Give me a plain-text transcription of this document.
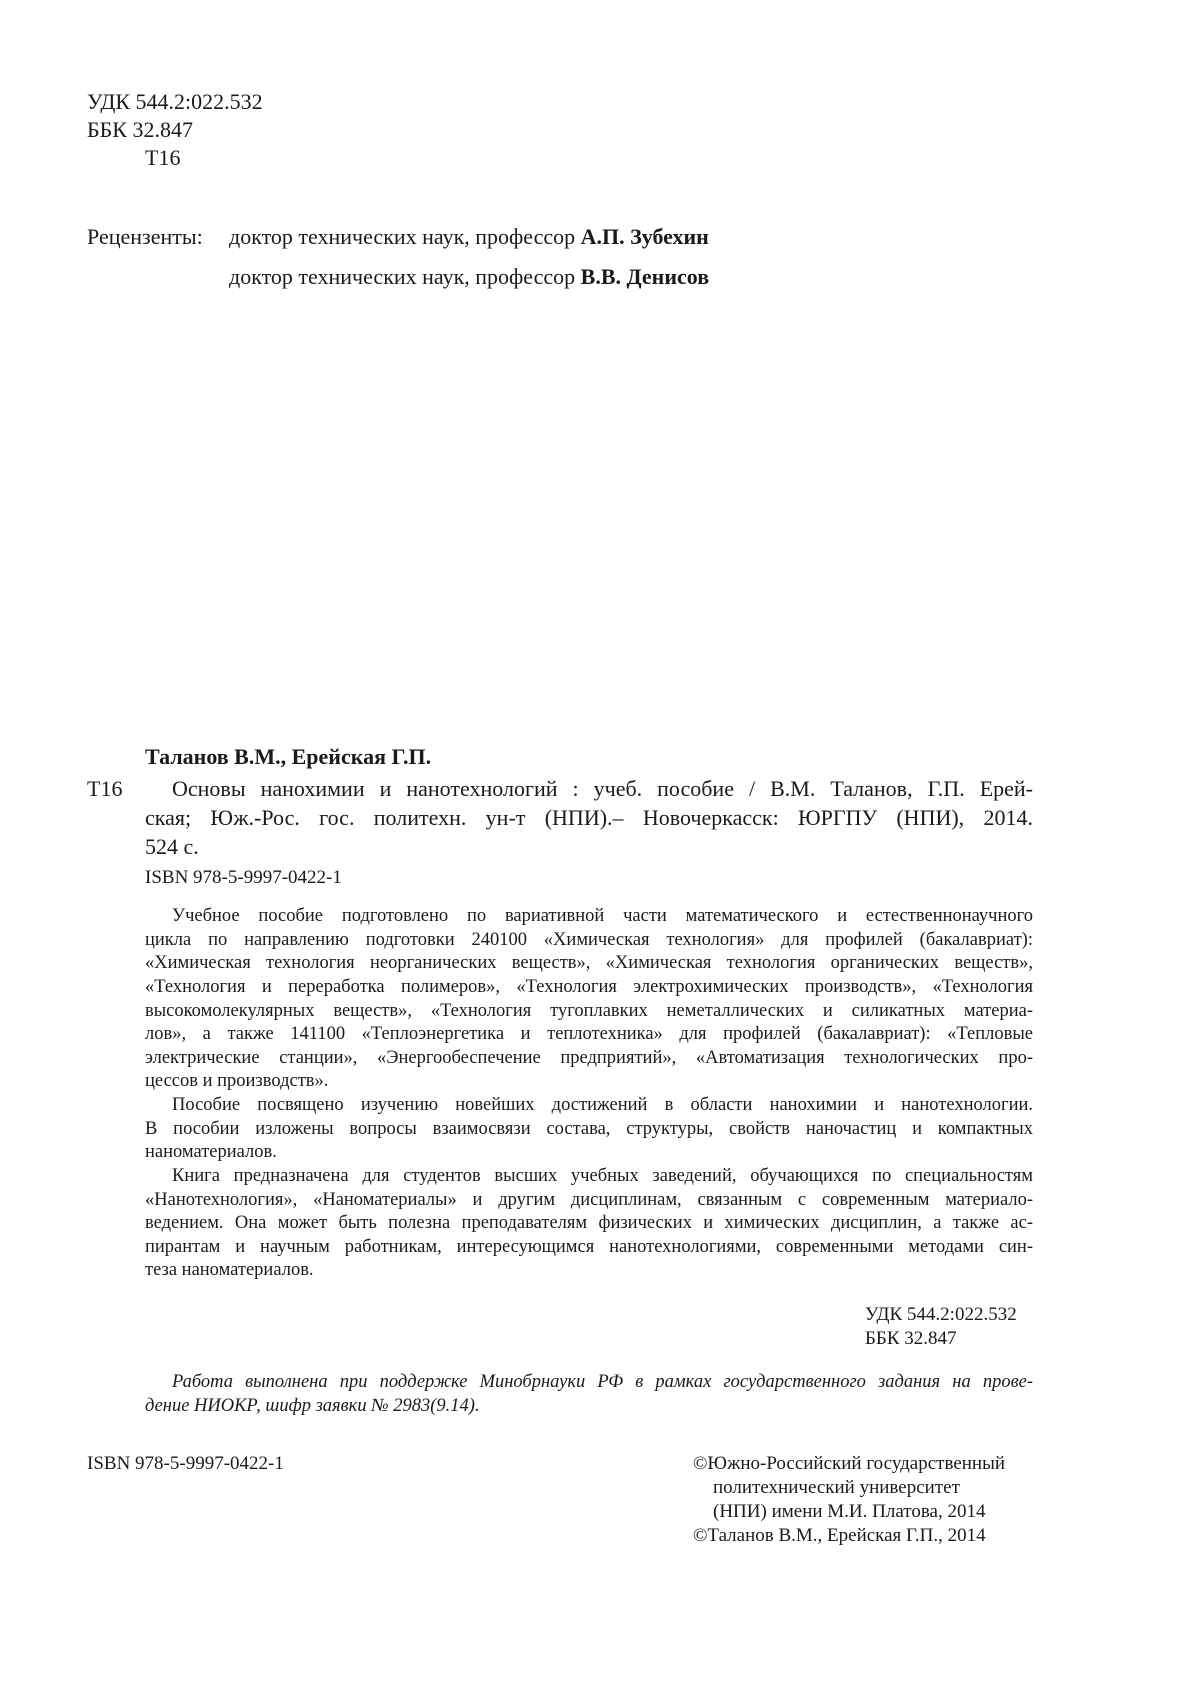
УДК 544.2:022.532
ББК 32.847
Т16
Рецензенты: доктор технических наук, профессор А.П. Зубехин
доктор технических наук, профессор В.В. Денисов
Таланов В.М., Ерейская Г.П.
Т16 Основы нанохимии и нанотехнологий : учеб. пособие / В.М. Таланов, Г.П. Ерей-
ская; Юж.-Рос. гос. политехн. ун-т (НПИ).– Новочеркасск: ЮРГПУ (НПИ), 2014.
524 с.
ISBN 978-5-9997-0422-1
Учебное пособие подготовлено по вариативной части математического и естественнонаучного
цикла по направлению подготовки 240100 «Химическая технология» для профилей (бакалавриат):
«Химическая технология неорганических веществ», «Химическая технология органических веществ»,
«Технология и переработка полимеров», «Технология электрохимических производств», «Технология
высокомолекулярных веществ», «Технология тугоплавких неметаллических и силикатных материа-
лов», а также 141100 «Теплоэнергетика и теплотехника» для профилей (бакалавриат): «Тепловые
электрические станции», «Энергообеспечение предприятий», «Автоматизация технологических про-
цессов и производств».
Пособие посвящено изучению новейших достижений в области нанохимии и нанотехнологии.
В пособии изложены вопросы взаимосвязи состава, структуры, свойств наночастиц и компактных
наноматериалов.
Книга предназначена для студентов высших учебных заведений, обучающихся по специальностям
«Нанотехнология», «Наноматериалы» и другим дисциплинам, связанным с современным материало-
ведением. Она может быть полезна преподавателям физических и химических дисциплин, а также ас-
пирантам и научным работникам, интересующимся нанотехнологиями, современными методами син-
теза наноматериалов.
УДК 544.2:022.532
ББК 32.847
Работа выполнена при поддержке Минобрнауки РФ в рамках государственного задания на прове-
дение НИОКР, шифр заявки № 2983(9.14).
ISBN 978-5-9997-0422-1	©Южно-Российский государственный
политехнический университет
(НПИ) имени М.И. Платова, 2014
©Таланов В.М., Ерейская Г.П., 2014
